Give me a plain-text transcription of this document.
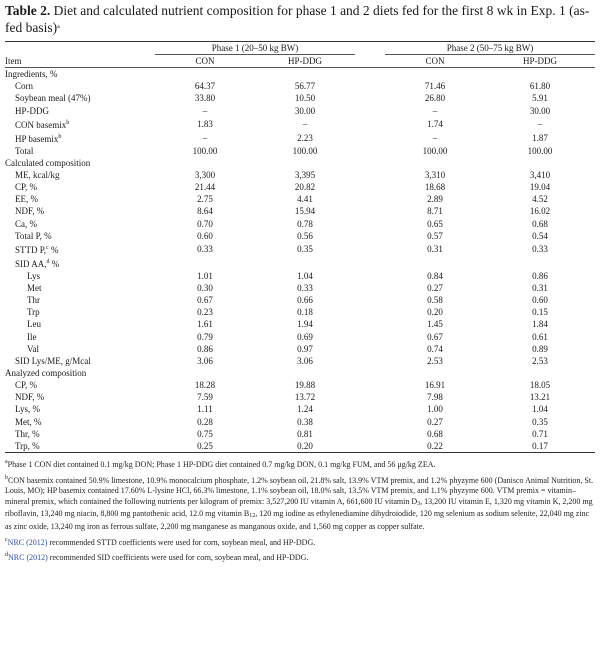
Table 2. Diet and calculated nutrient composition for phase 1 and 2 diets fed for the first 8 wk in Exp. 1 (as-fed basis)$^a$

	Phase 1 (20–50 kg BW)			Phase 2 (50–75 kg BW)	

Item	CON	HP-DDG		CON	HP-DDG
Ingredients, %					
Corn	64.37	56.77		71.46	61.80
Soybean meal (47%)	33.80	10.50		26.80	5.91
HP-DDG	–	30.00		–	30.00
CON basemix$^b$	1.83	–		1.74	–
HP basemix$^b$	–	2.23		–	1.87
Total	100.00	100.00		100.00	100.00
Calculated composition					
ME, kcal/kg	3,300	3,395		3,310	3,410
CP, %	21.44	20.82		18.68	19.04
EE, %	2.75	4.41		2.89	4.52
NDF, %	8.64	15.94		8.71	16.02
Ca, %	0.70	0.78		0.65	0.68
Total P, %	0.60	0.56		0.57	0.54
STTD P,$^c$ %	0.33	0.35		0.31	0.33
SID AA,$^d$ %					
Lys	1.01	1.04		0.84	0.86
Met	0.30	0.33		0.27	0.31
Thr	0.67	0.66		0.58	0.60
Trp	0.23	0.18		0.20	0.15
Leu	1.61	1.94		1.45	1.84
Ile	0.79	0.69		0.67	0.61
Val	0.86	0.97		0.74	0.89
SID Lys/ME, g/Mcal	3.06	3.06		2.53	2.53
Analyzed composition					
CP, %	18.28	19.88		16.91	18.05
NDF, %	7.59	13.72		7.98	13.21
Lys, %	1.11	1.24		1.00	1.04
Met, %	0.28	0.38		0.27	0.35
Thr, %	0.75	0.81		0.68	0.71
Trp, %	0.25	0.20		0.22	0.17

$^a$Phase 1 CON diet contained 0.1 mg/kg DON; Phase 1 HP-DDG diet contained 0.7 mg/kg DON, 0.1 mg/kg FUM, and 56 μg/kg ZEA.

$^b$CON basemix contained 50.9% limestone, 10.9% monocalcium phosphate, 1.2% soybean oil, 21.8% salt, 13.9% VTM premix, and 1.2% phyzyme 600 (Danisco Animal Nutrition, St. Louis, MO); HP basemix contained 17.60% L-lysine HCl, 66.3% limestone, 1.1% soybean oil, 18.0% salt, 13.5% VTM premix, and 1.1% phyzyme 600. VTM premix = vitamin–mineral premix, which contained the following nutrients per kilogram of premix: 3,527,200 IU vitamin A, 661,600 IU vitamin $D_3$, 13,200 IU vitamin E, 1,320 mg vitamin K, 2,200 mg riboflavin, 13,240 mg niacin, 8,800 mg pantothenic acid, 12.0 mg vitamin $B_{12}$, 120 mg iodine as ethylenediamine dihydroiodide, 120 mg selenium as sodium selenite, 22,040 mg zinc as zinc oxide, 13,240 mg iron as ferrous sulfate, 2,200 mg manganese as manganous oxide, and 1,560 mg copper as copper sulfate.

$^c$NRC (2012) recommended STTD coefficients were used for corn, soybean meal, and HP-DDG.

$^d$NRC (2012) recommended SID coefficients were used for corn, soybean meal, and HP-DDG.
